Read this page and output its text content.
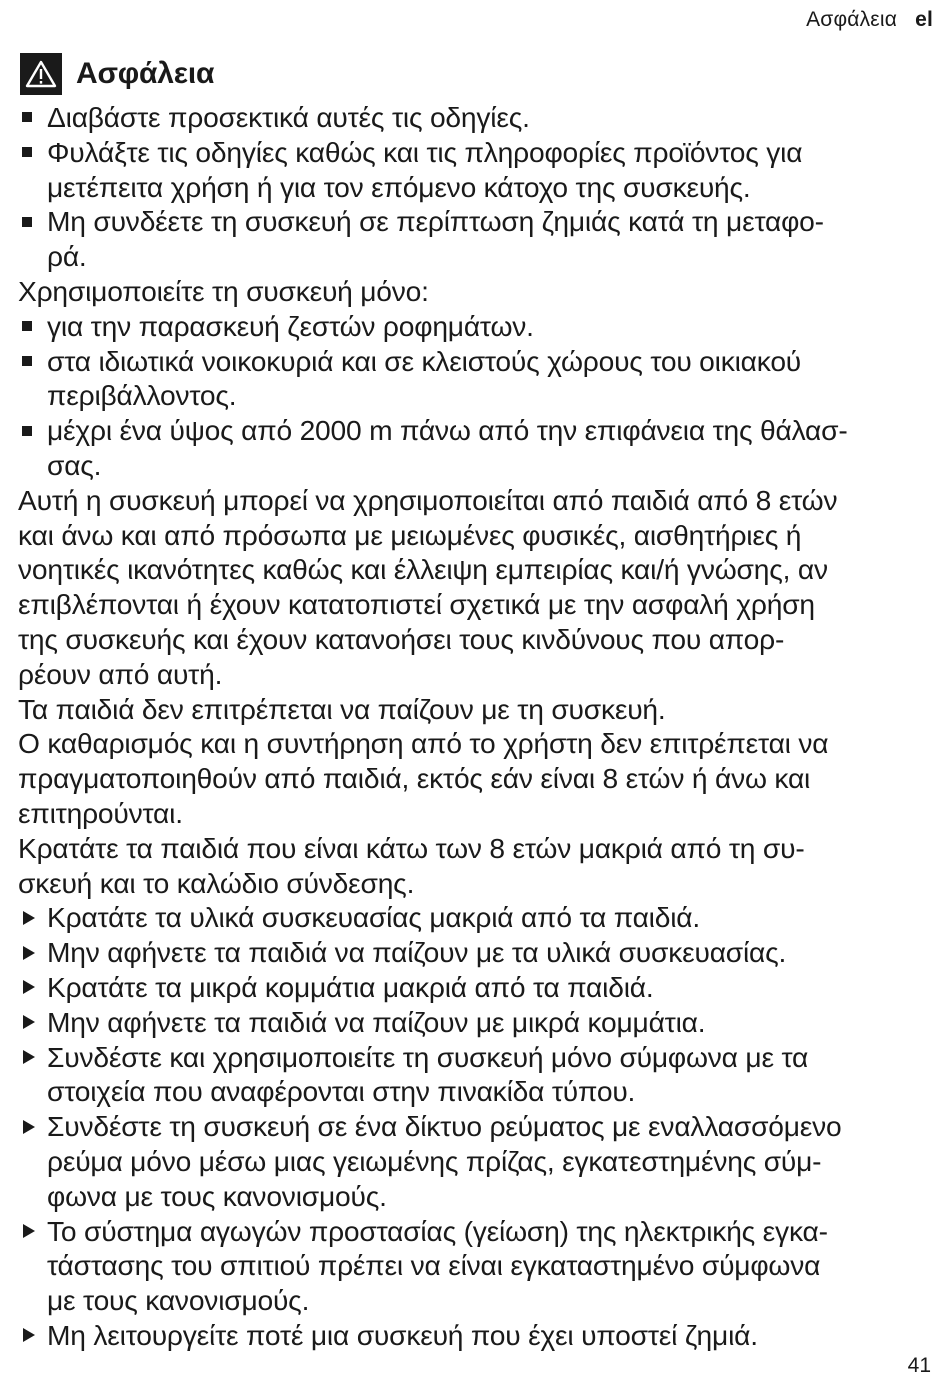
Ασφάλεια el
Ασφάλεια
Διαβάστε προσεκτικά αυτές τις οδηγίες.
Φυλάξτε τις οδηγίες καθώς και τις πληροφορίες προϊόντος για
μετέπειτα χρήση ή για τον επόμενο κάτοχο της συσκευής.
Μη συνδέετε τη συσκευή σε περίπτωση ζημιάς κατά τη μεταφο-
ρά.
Χρησιμοποιείτε τη συσκευή μόνο:
για την παρασκευή ζεστών ροφημάτων.
στα ιδιωτικά νοικοκυριά και σε κλειστούς χώρους του οικιακού
περιβάλλοντος.
μέχρι ένα ύψος από 2000 m πάνω από την επιφάνεια της θάλασ-
σας.
Αυτή η συσκευή μπορεί να χρησιμοποιείται από παιδιά από 8 ετών
και άνω και από πρόσωπα με μειωμένες φυσικές, αισθητήριες ή
νοητικές ικανότητες καθώς και έλλειψη εμπειρίας και/ή γνώσης, αν
επιβλέπονται ή έχουν κατατοπιστεί σχετικά με την ασφαλή χρήση
της συσκευής και έχουν κατανοήσει τους κινδύνους που απορ-
ρέουν από αυτή.
Τα παιδιά δεν επιτρέπεται να παίζουν με τη συσκευή.
Ο καθαρισμός και η συντήρηση από το χρήστη δεν επιτρέπεται να
πραγματοποιηθούν από παιδιά, εκτός εάν είναι 8 ετών ή άνω και
επιτηρούνται.
Κρατάτε τα παιδιά που είναι κάτω των 8 ετών μακριά από τη συ-
σκευή και το καλώδιο σύνδεσης.
Κρατάτε τα υλικά συσκευασίας μακριά από τα παιδιά.
Μην αφήνετε τα παιδιά να παίζουν με τα υλικά συσκευασίας.
Κρατάτε τα μικρά κομμάτια μακριά από τα παιδιά.
Μην αφήνετε τα παιδιά να παίζουν με μικρά κομμάτια.
Συνδέστε και χρησιμοποιείτε τη συσκευή μόνο σύμφωνα με τα
στοιχεία που αναφέρονται στην πινακίδα τύπου.
Συνδέστε τη συσκευή σε ένα δίκτυο ρεύματος με εναλλασσόμενο
ρεύμα μόνο μέσω μιας γειωμένης πρίζας, εγκατεστημένης σύμ-
φωνα με τους κανονισμούς.
Το σύστημα αγωγών προστασίας (γείωση) της ηλεκτρικής εγκα-
τάστασης του σπιτιού πρέπει να είναι εγκαταστημένο σύμφωνα
με τους κανονισμούς.
Μη λειτουργείτε ποτέ μια συσκευή που έχει υποστεί ζημιά.
41
